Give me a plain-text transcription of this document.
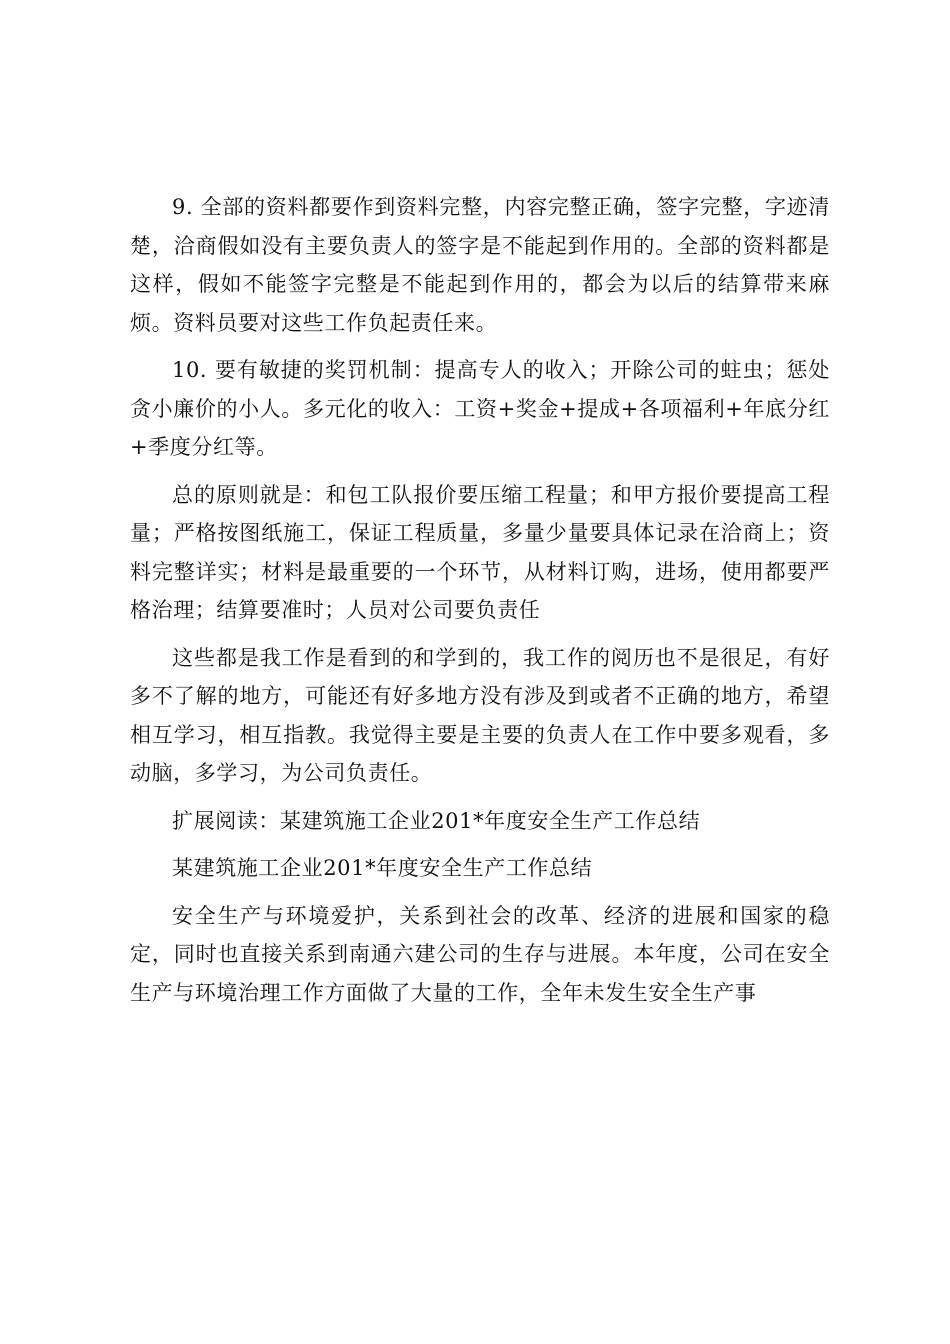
9. 全部的资料都要作到资料完整，内容完整正确，签字完整，字迹清楚，洽商假如没有主要负责人的签字是不能起到作用的。全部的资料都是这样，假如不能签字完整是不能起到作用的，都会为以后的结算带来麻烦。资料员要对这些工作负起责任来。

10. 要有敏捷的奖罚机制：提高专人的收入；开除公司的蛀虫；惩处贪小廉价的小人。多元化的收入：工资+奖金+提成+各项福利+年底分红+季度分红等。

总的原则就是：和包工队报价要压缩工程量；和甲方报价要提高工程量；严格按图纸施工，保证工程质量，多量少量要具体记录在洽商上；资料完整详实；材料是最重要的一个环节，从材料订购，进场，使用都要严格治理；结算要准时；人员对公司要负责任

这些都是我工作是看到的和学到的，我工作的阅历也不是很足，有好多不了解的地方，可能还有好多地方没有涉及到或者不正确的地方，希望相互学习，相互指教。我觉得主要是主要的负责人在工作中要多观看，多动脑，多学习，为公司负责任。

扩展阅读：某建筑施工企业201*年度安全生产工作总结

某建筑施工企业201*年度安全生产工作总结

安全生产与环境爱护，关系到社会的改革、经济的进展和国家的稳定，同时也直接关系到南通六建公司的生存与进展。本年度，公司在安全生产与环境治理工作方面做了大量的工作，全年未发生安全生产事
